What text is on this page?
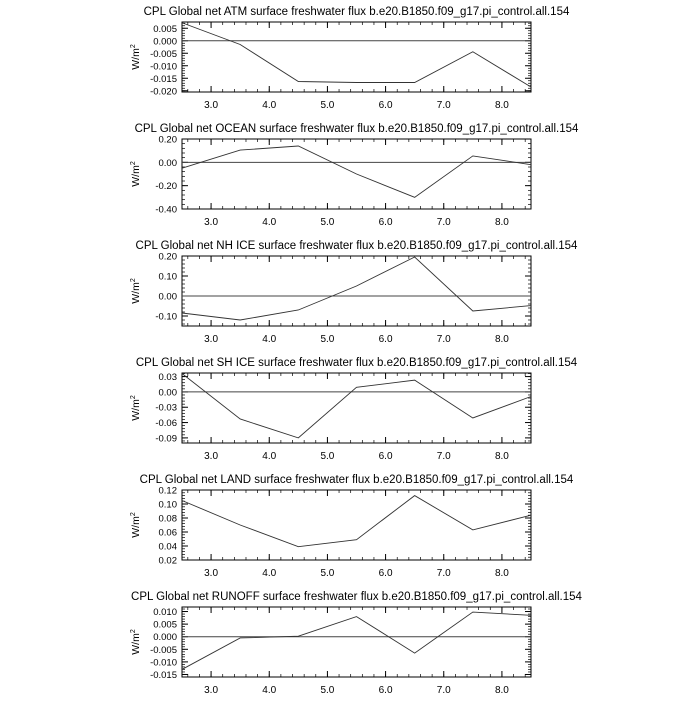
CPL Global net ATM surface freshwater flux b.e20.B1850.f09_g17.pi_control.all.154
3.0	4.0	5.0	6.0	7.0	8.0
0.005
0.000
-0.005
-0.010
-0.015
-0.020
$W/m^2$
CPL Global net OCEAN surface freshwater flux b.e20.B1850.f09_g17.pi_control.all.154
3.0	4.0	5.0	6.0	7.0	8.0
0.20
0.00
-0.20
-0.40
$W/m^2$
CPL Global net NH ICE surface freshwater flux b.e20.B1850.f09_g17.pi_control.all.154
3.0	4.0	5.0	6.0	7.0	8.0
0.20
0.10
0.00
-0.10
$W/m^2$
CPL Global net SH ICE surface freshwater flux b.e20.B1850.f09_g17.pi_control.all.154
3.0	4.0	5.0	6.0	7.0	8.0
0.03
0.00
-0.03
-0.06
-0.09
$W/m^2$
CPL Global net LAND surface freshwater flux b.e20.B1850.f09_g17.pi_control.all.154
3.0	4.0	5.0	6.0	7.0	8.0
0.12
0.10
0.08
0.06
0.04
0.02
$W/m^2$
CPL Global net RUNOFF surface freshwater flux b.e20.B1850.f09_g17.pi_control.all.154
3.0	4.0	5.0	6.0	7.0	8.0
0.010
0.005
0.000
-0.005
-0.010
-0.015
$W/m^2$
